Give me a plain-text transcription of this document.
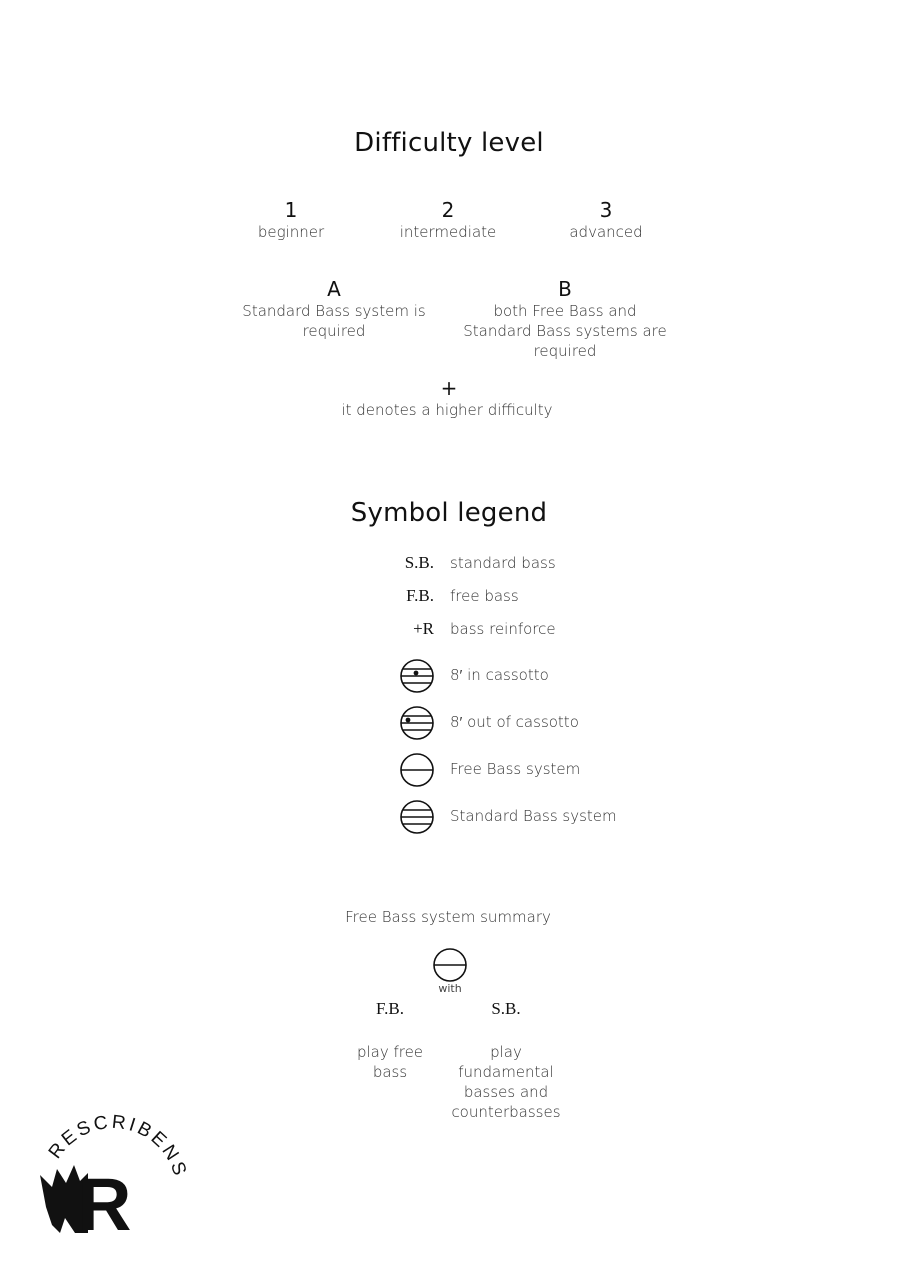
Difficulty level
1
beginner
2
intermediate
3
advanced
A
Standard Bass system is required
B
both Free Bass and Standard Bass systems are required
+
it denotes a higher difficulty
Symbol legend
S.B. standard bass
F.B. free bass
+R bass reinforce
8′ in cassotto
8′ out of cassotto
Free Bass system
Standard Bass system
Free Bass system summary
with
F.B.	S.B.
play free bass
play fundamental basses and counterbasses
RESCRIBENS
R
